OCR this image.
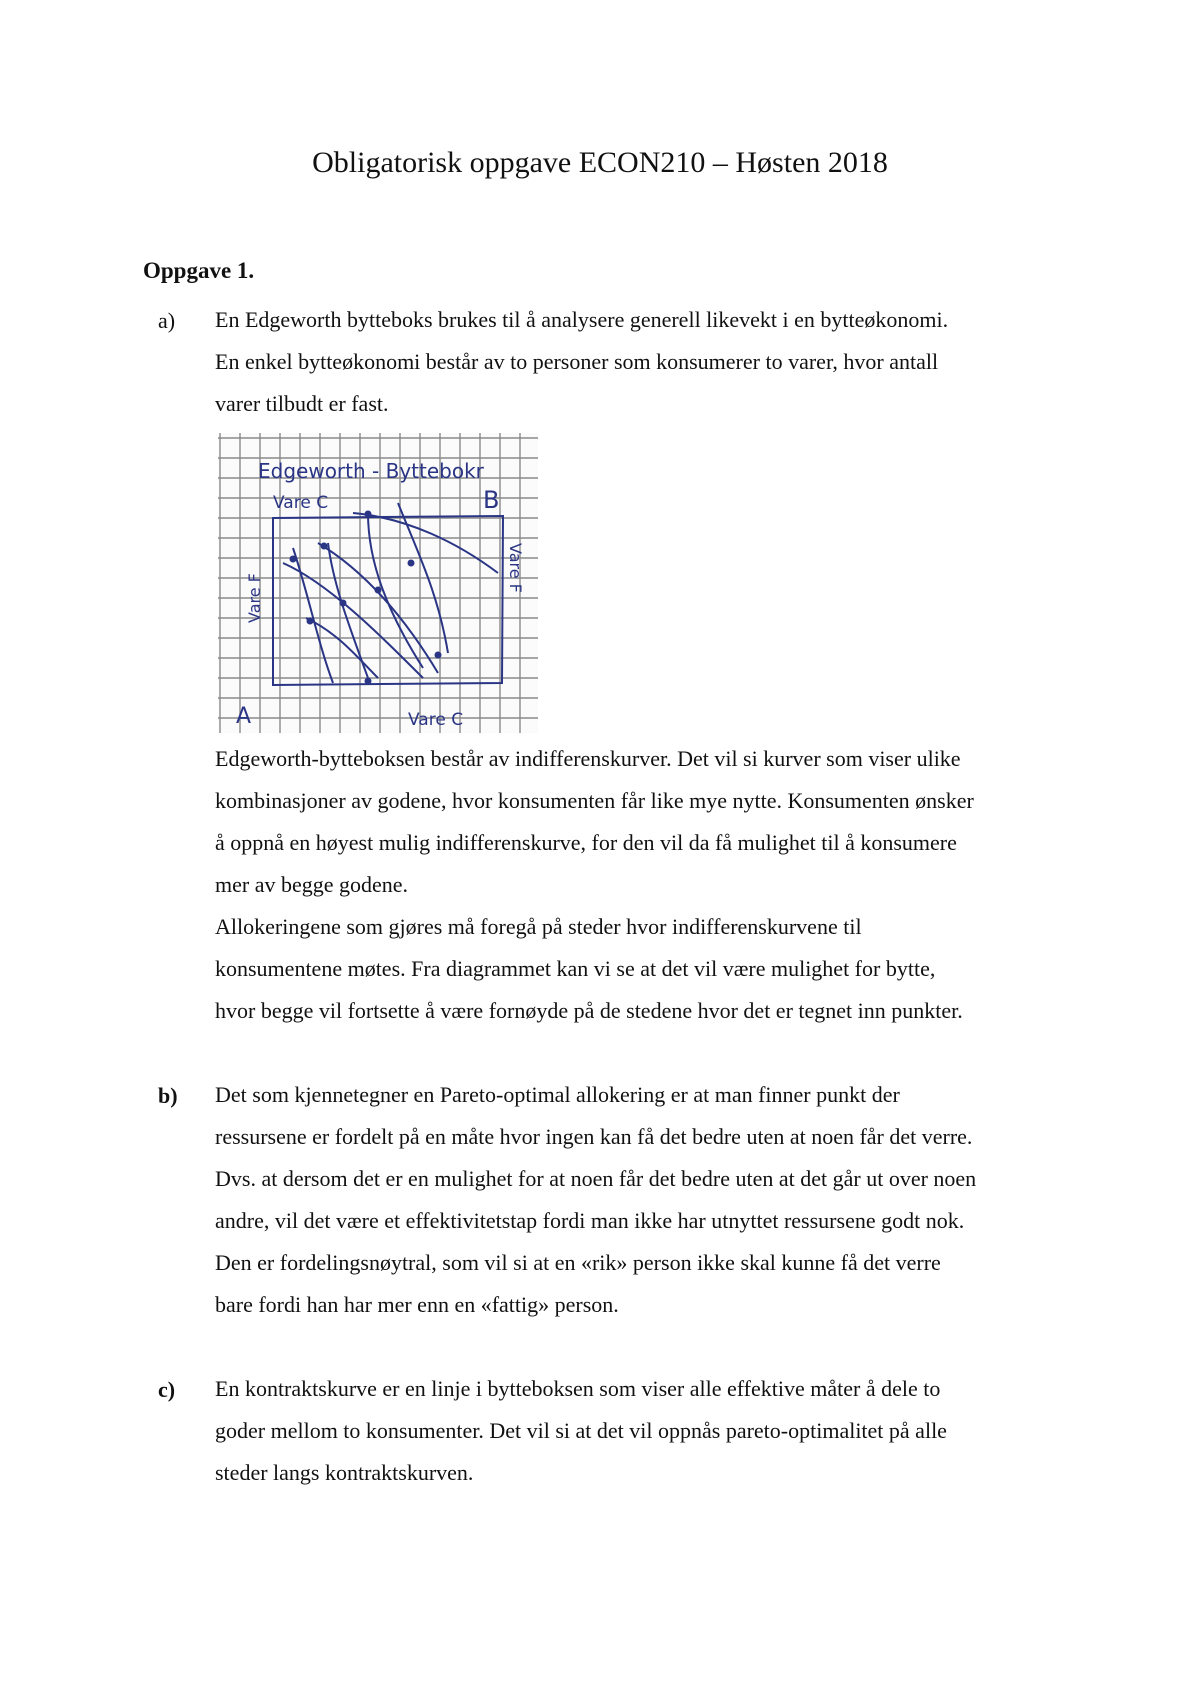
Obligatorisk oppgave ECON210 – Høsten 2018
Oppgave 1.
a) En Edgeworth bytteboks brukes til å analysere generell likevekt i en bytteøkonomi.
En enkel bytteøkonomi består av to personer som konsumerer to varer, hvor antall
varer tilbudt er fast.
Edgeworth - Byttebokr
Vare C	B
A	Vare C
Vare F
Vare F
Edgeworth-bytteboksen består av indifferenskurver. Det vil si kurver som viser ulike
kombinasjoner av godene, hvor konsumenten får like mye nytte. Konsumenten ønsker
å oppnå en høyest mulig indifferenskurve, for den vil da få mulighet til å konsumere
mer av begge godene.
Allokeringene som gjøres må foregå på steder hvor indifferenskurvene til
konsumentene møtes. Fra diagrammet kan vi se at det vil være mulighet for bytte,
hvor begge vil fortsette å være fornøyde på de stedene hvor det er tegnet inn punkter.
b) Det som kjennetegner en Pareto-optimal allokering er at man finner punkt der
ressursene er fordelt på en måte hvor ingen kan få det bedre uten at noen får det verre.
Dvs. at dersom det er en mulighet for at noen får det bedre uten at det går ut over noen
andre, vil det være et effektivitetstap fordi man ikke har utnyttet ressursene godt nok.
Den er fordelingsnøytral, som vil si at en «rik» person ikke skal kunne få det verre
bare fordi han har mer enn en «fattig» person.
c) En kontraktskurve er en linje i bytteboksen som viser alle effektive måter å dele to
goder mellom to konsumenter. Det vil si at det vil oppnås pareto-optimalitet på alle
steder langs kontraktskurven.
